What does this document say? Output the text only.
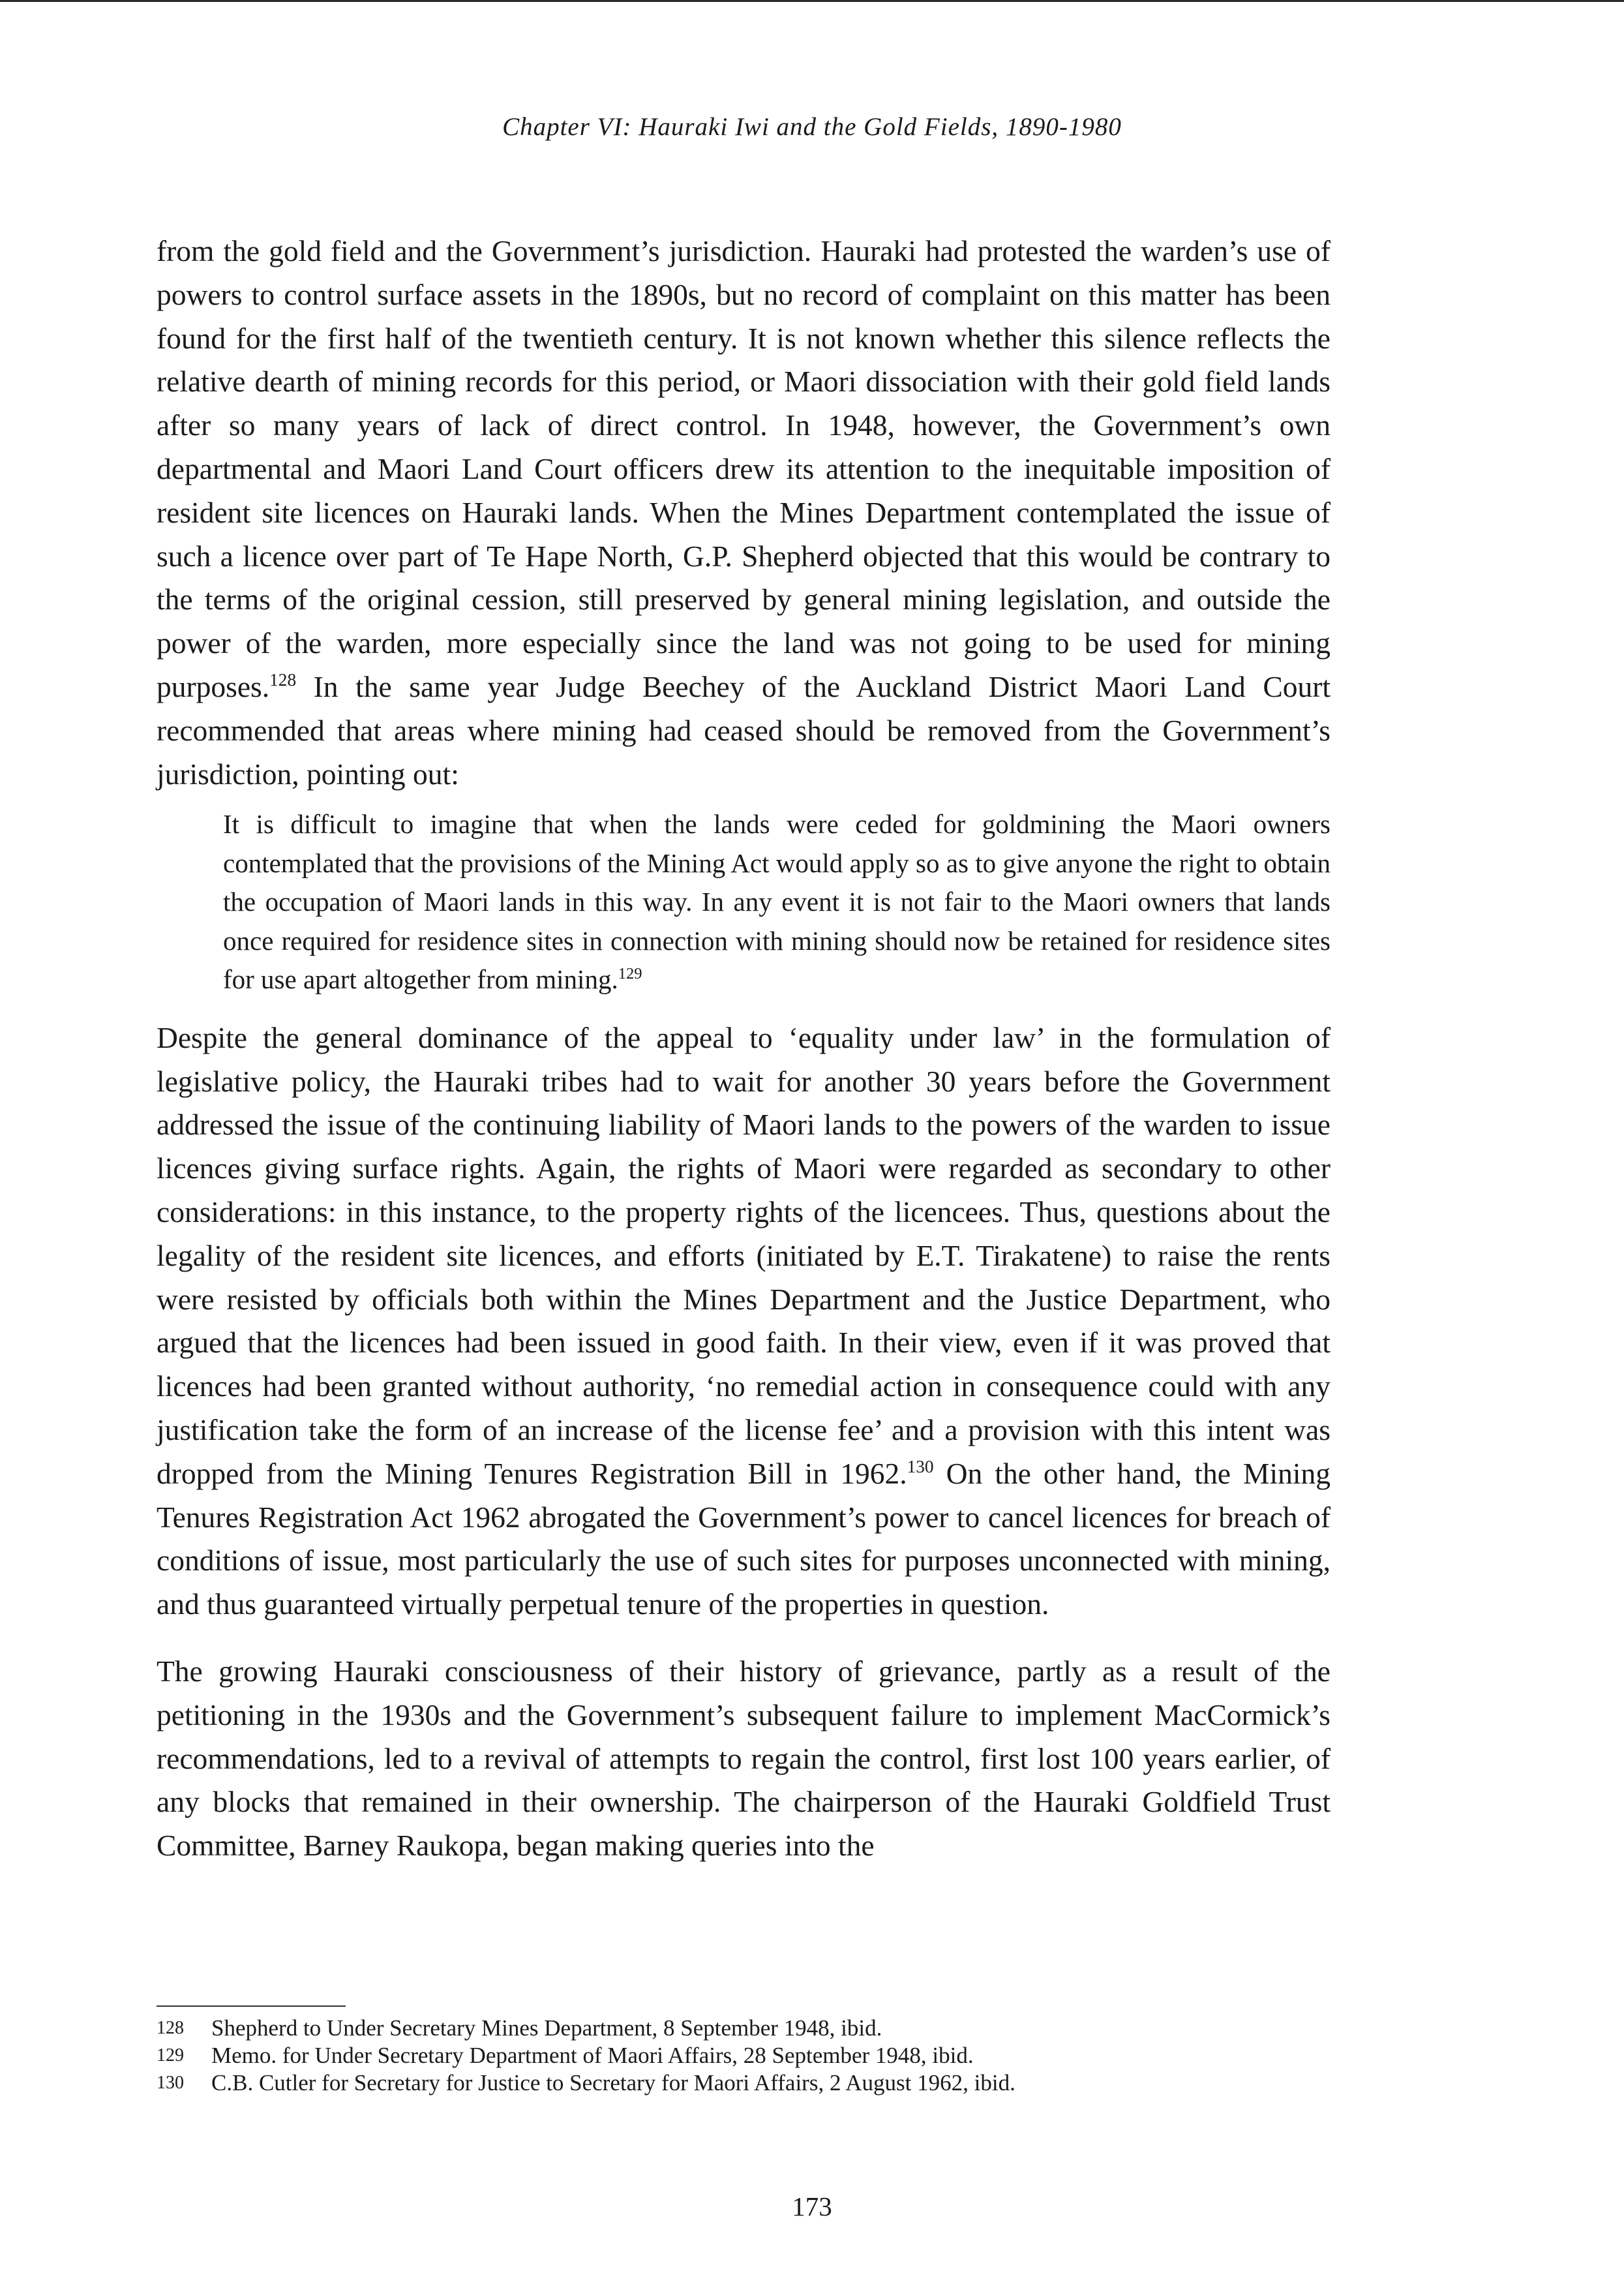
Chapter VI: Hauraki Iwi and the Gold Fields, 1890-1980

from the gold field and the Government’s jurisdiction. Hauraki had protested the warden’s use of powers to control surface assets in the 1890s, but no record of complaint on this matter has been found for the first half of the twentieth century. It is not known whether this silence reflects the relative dearth of mining records for this period, or Maori dissociation with their gold field lands after so many years of lack of direct control. In 1948, however, the Government’s own departmental and Maori Land Court officers drew its attention to the inequitable imposition of resident site licences on Hauraki lands. When the Mines Department contemplated the issue of such a licence over part of Te Hape North, G.P. Shepherd objected that this would be contrary to the terms of the original cession, still preserved by general mining legislation, and outside the power of the warden, more especially since the land was not going to be used for mining purposes.$^{128}$ In the same year Judge Beechey of the Auckland District Maori Land Court recommended that areas where mining had ceased should be removed from the Government’s jurisdiction, pointing out:

It is difficult to imagine that when the lands were ceded for goldmining the Maori owners contemplated that the provisions of the Mining Act would apply so as to give anyone the right to obtain the occupation of Maori lands in this way. In any event it is not fair to the Maori owners that lands once required for residence sites in connection with mining should now be retained for residence sites for use apart altogether from mining.$^{129}$

Despite the general dominance of the appeal to ‘equality under law’ in the formulation of legislative policy, the Hauraki tribes had to wait for another 30 years before the Government addressed the issue of the continuing liability of Maori lands to the powers of the warden to issue licences giving surface rights. Again, the rights of Maori were regarded as secondary to other considerations: in this instance, to the property rights of the licencees. Thus, questions about the legality of the resident site licences, and efforts (initiated by E.T. Tirakatene) to raise the rents were resisted by officials both within the Mines Department and the Justice Department, who argued that the licences had been issued in good faith. In their view, even if it was proved that licences had been granted without authority, ‘no remedial action in consequence could with any justification take the form of an increase of the license fee’ and a provision with this intent was dropped from the Mining Tenures Registration Bill in 1962.$^{130}$ On the other hand, the Mining Tenures Registration Act 1962 abrogated the Government’s power to cancel licences for breach of conditions of issue, most particularly the use of such sites for purposes unconnected with mining, and thus guaranteed virtually perpetual tenure of the properties in question.

The growing Hauraki consciousness of their history of grievance, partly as a result of the petitioning in the 1930s and the Government’s subsequent failure to implement MacCormick’s recommendations, led to a revival of attempts to regain the control, first lost 100 years earlier, of any blocks that remained in their ownership. The chairperson of the Hauraki Goldfield Trust Committee, Barney Raukopa, began making queries into the

128	Shepherd to Under Secretary Mines Department, 8 September 1948, ibid.
129	Memo. for Under Secretary Department of Maori Affairs, 28 September 1948, ibid.
130	C.B. Cutler for Secretary for Justice to Secretary for Maori Affairs, 2 August 1962, ibid.
173
